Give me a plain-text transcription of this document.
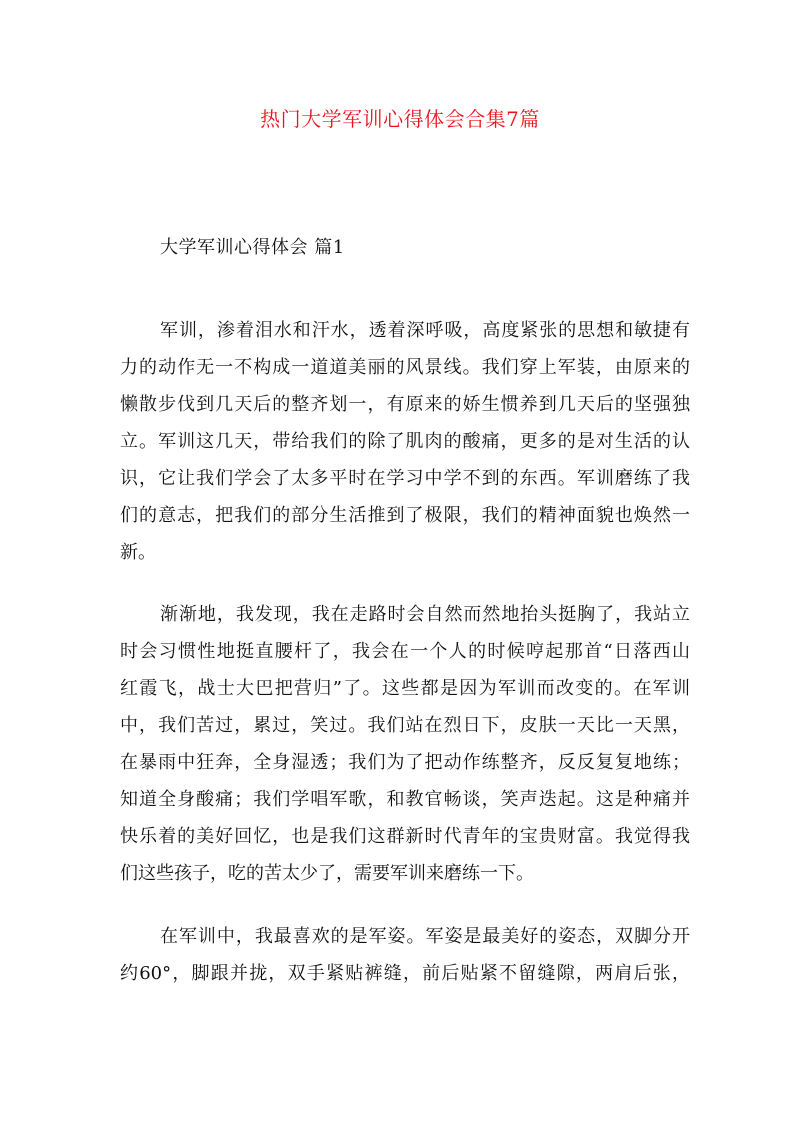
热门大学军训心得体会合集7篇
大学军训心得体会 篇1
军训，渗着泪水和汗水，透着深呼吸，高度紧张的思想和敏捷有
力的动作无一不构成一道道美丽的风景线。我们穿上军装，由原来的
懒散步伐到几天后的整齐划一，有原来的娇生惯养到几天后的坚强独
立。军训这几天，带给我们的除了肌肉的酸痛，更多的是对生活的认
识，它让我们学会了太多平时在学习中学不到的东西。军训磨练了我
们的意志，把我们的部分生活推到了极限，我们的精神面貌也焕然一
新。
渐渐地，我发现，我在走路时会自然而然地抬头挺胸了，我站立
时会习惯性地挺直腰杆了，我会在一个人的时候哼起那首“日落西山
红霞飞，战士大巴把营归”了。这些都是因为军训而改变的。在军训
中，我们苦过，累过，笑过。我们站在烈日下，皮肤一天比一天黑，
在暴雨中狂奔，全身湿透；我们为了把动作练整齐，反反复复地练；
知道全身酸痛；我们学唱军歌，和教官畅谈，笑声迭起。这是种痛并
快乐着的美好回忆，也是我们这群新时代青年的宝贵财富。我觉得我
们这些孩子，吃的苦太少了，需要军训来磨练一下。
在军训中，我最喜欢的是军姿。军姿是最美好的姿态，双脚分开
约60°，脚跟并拢，双手紧贴裤缝，前后贴紧不留缝隙，两肩后张，
